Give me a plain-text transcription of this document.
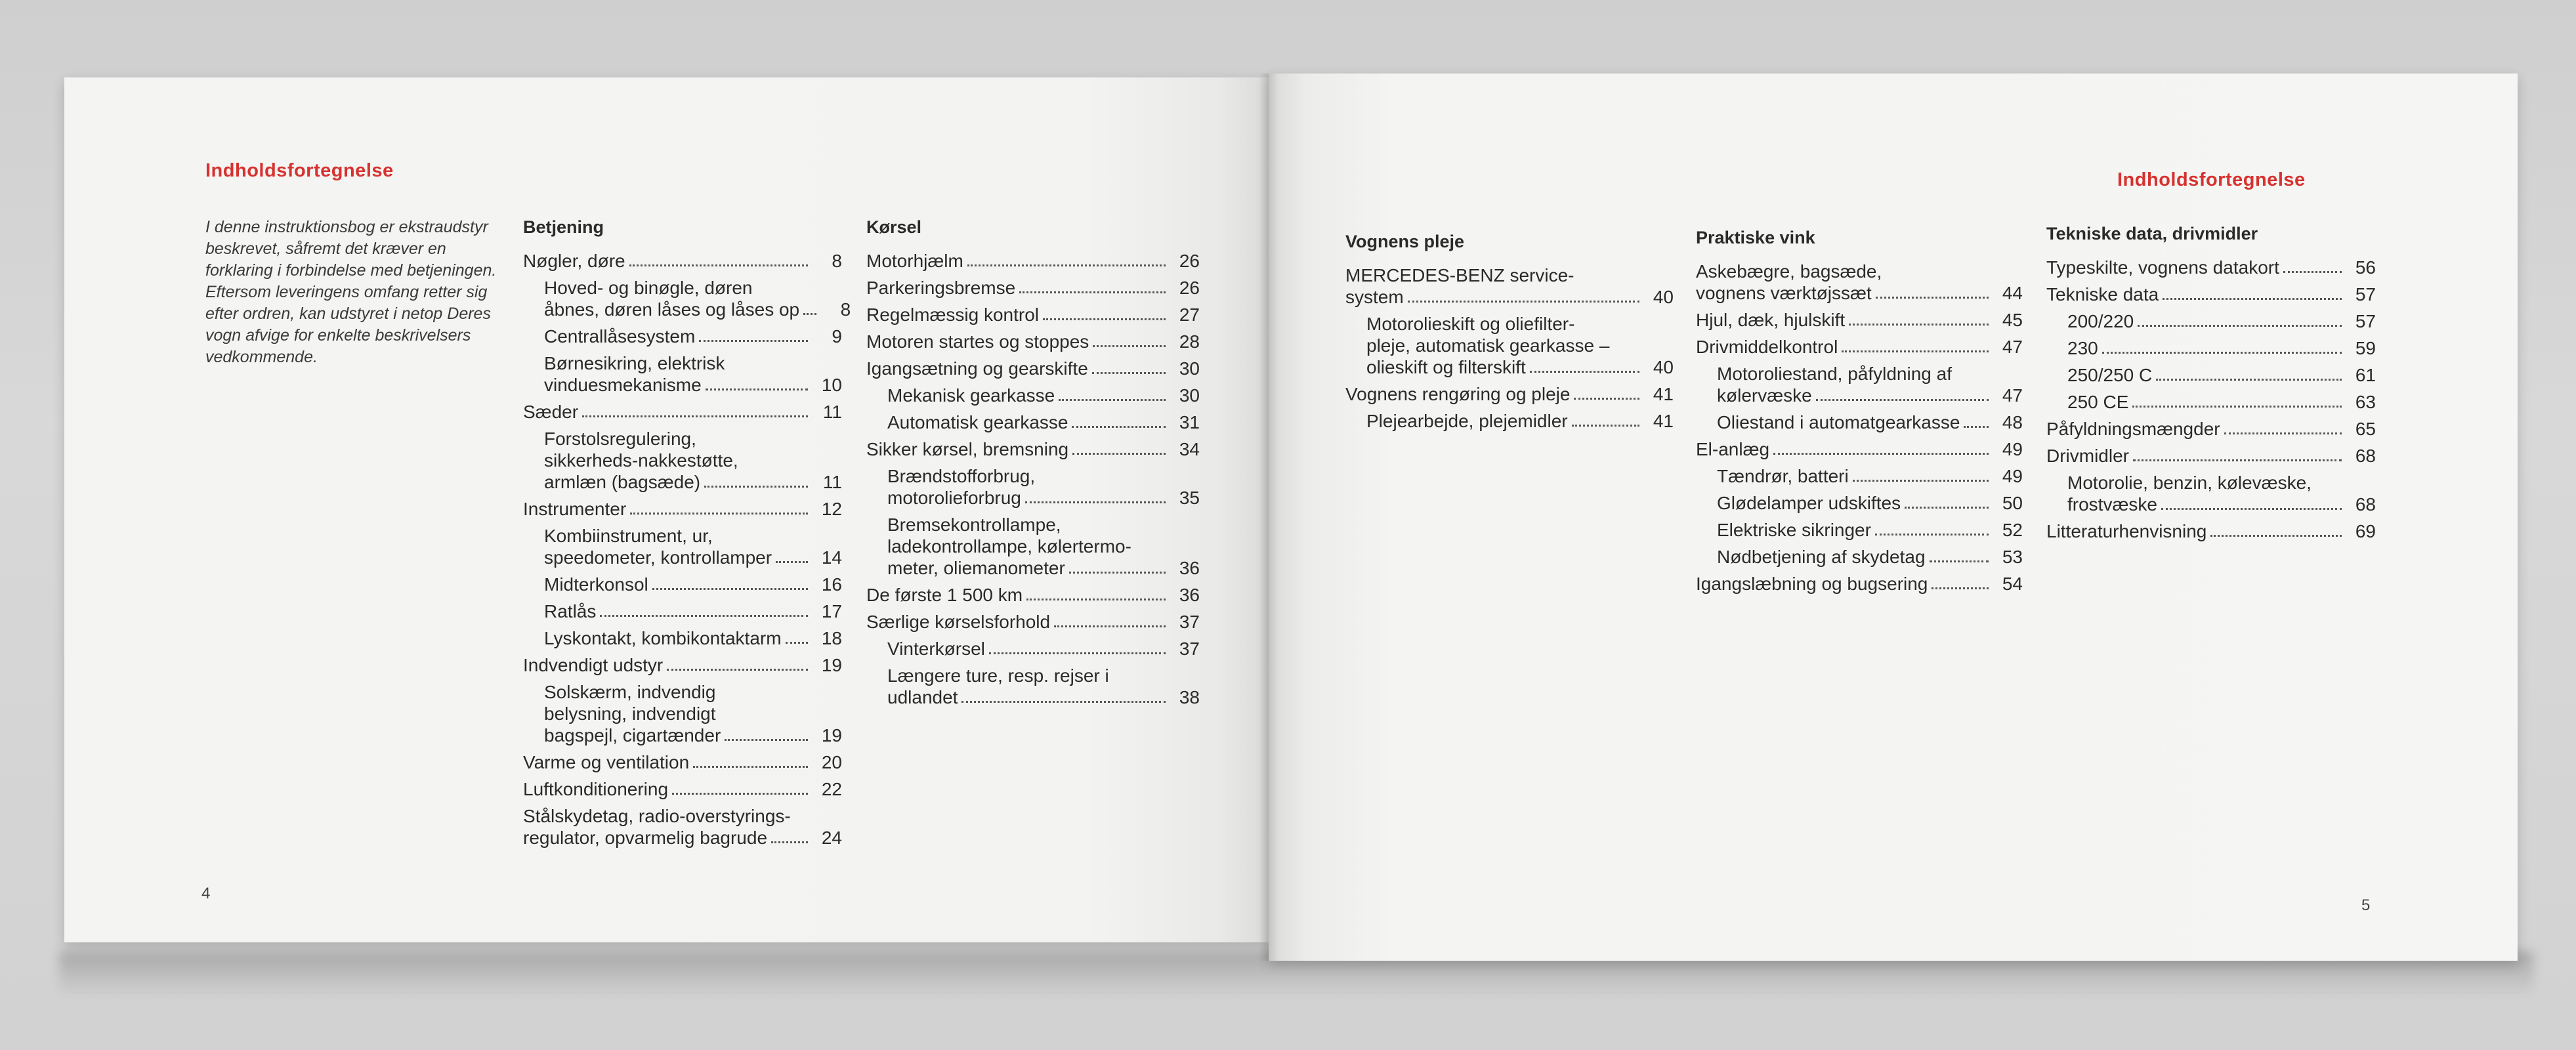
Indholdsfortegnelse
I denne instruktionsbog er ekstraudstyr beskrevet, såfremt det kræver en forklaring i forbindelse med betjeningen. Eftersom leveringens omfang retter sig efter ordren, kan udstyret i netop Deres vogn afvige for enkelte beskrivelsers vedkommende.
Betjening
Nøgler, døre	8
Hoved- og binøgle, døren
åbnes, døren låses og låses op	8
Centrallåsesystem	9
Børnesikring, elektrisk
vinduesmekanisme	10
Sæder	11
Forstolsregulering,
sikkerheds-nakkestøtte,
armlæn (bagsæde)	11
Instrumenter	12
Kombiinstrument, ur,
speedometer, kontrollamper	14
Midterkonsol	16
Ratlås	17
Lyskontakt, kombikontaktarm	18
Indvendigt udstyr	19
Solskærm, indvendig
belysning, indvendigt
bagspejl, cigartænder	19
Varme og ventilation	20
Luftkonditionering	22
Stålskydetag, radio-overstyrings-
regulator, opvarmelig bagrude	24
Kørsel
Motorhjælm	26
Parkeringsbremse	26
Regelmæssig kontrol	27
Motoren startes og stoppes	28
Igangsætning og gearskifte	30
Mekanisk gearkasse	30
Automatisk gearkasse	31
Sikker kørsel, bremsning	34
Brændstofforbrug,
motorolieforbrug	35
Bremsekontrollampe,
ladekontrollampe, kølertermo-
meter, oliemanometer	36
De første 1 500 km	36
Særlige kørselsforhold	37
Vinterkørsel	37
Længere ture, resp. rejser i
udlandet	38
4
Indholdsfortegnelse
Vognens pleje
MERCEDES-BENZ service-
system	40
Motorolieskift og oliefilter-
pleje, automatisk gearkasse –
olieskift og filterskift	40
Vognens rengøring og pleje	41
Plejearbejde, plejemidler	41
Praktiske vink
Askebægre, bagsæde,
vognens værktøjssæt	44
Hjul, dæk, hjulskift	45
Drivmiddelkontrol	47
Motoroliestand, påfyldning af
kølervæske	47
Oliestand i automatgearkasse	48
El-anlæg	49
Tændrør, batteri	49
Glødelamper udskiftes	50
Elektriske sikringer	52
Nødbetjening af skydetag	53
Igangslæbning og bugsering	54
Tekniske data, drivmidler
Typeskilte, vognens datakort	56
Tekniske data	57
200/220	57
230	59
250/250 C	61
250 CE	63
Påfyldningsmængder	65
Drivmidler	68
Motorolie, benzin, kølevæske,
frostvæske	68
Litteraturhenvisning	69
5
